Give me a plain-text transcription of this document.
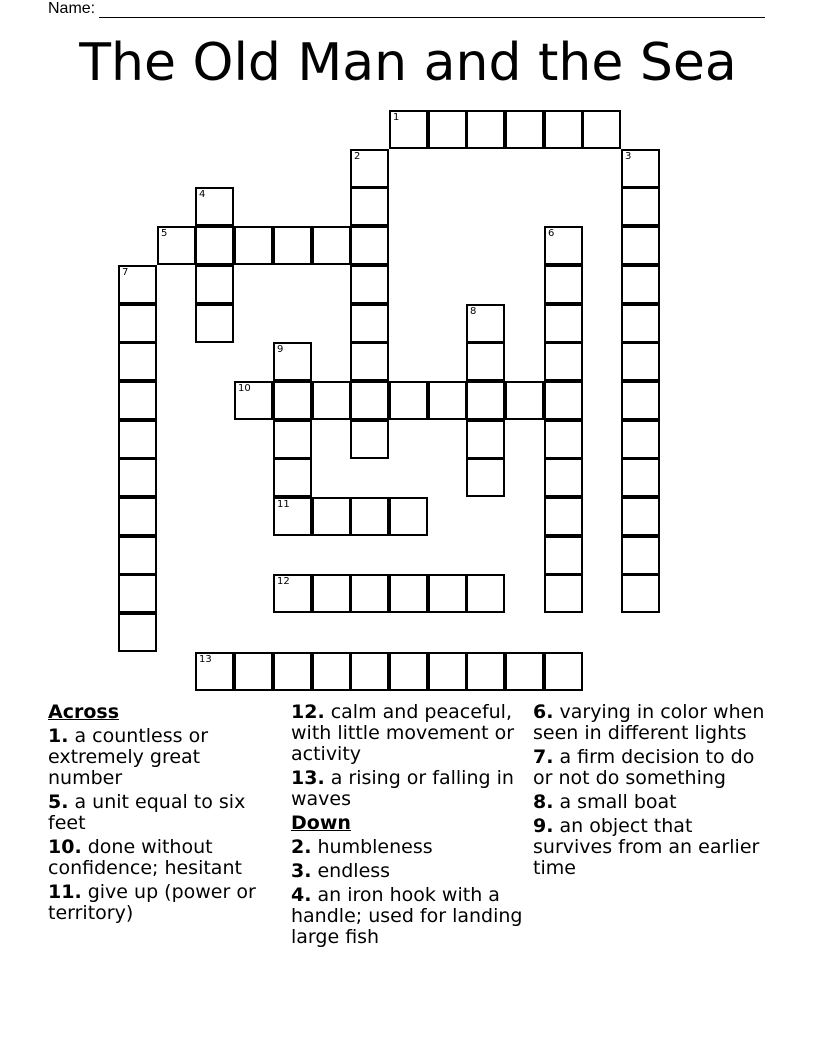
Name:
The Old Man and the Sea
1
2	3
4
5	6
7
8
9
11
10
12
13
Across
1. a countless or extremely great number
5. a unit equal to six feet
10. done without confidence; hesitant
11. give up (power or territory)
12. calm and peaceful, with little movement or activity
13. a rising or falling in waves
Down
2. humbleness
3. endless
4. an iron hook with a handle; used for landing large fish
6. varying in color when seen in different lights
7. a firm decision to do or not do something
8. a small boat
9. an object that survives from an earlier time
